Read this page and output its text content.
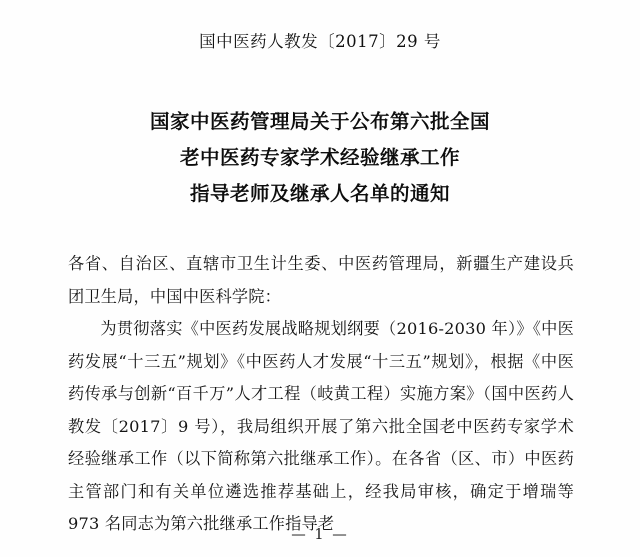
国中医药人教发〔2017〕29 号
国家中医药管理局关于公布第六批全国
老中医药专家学术经验继承工作
指导老师及继承人名单的通知

各省、自治区、直辖市卫生计生委、中医药管理局，新疆生产建设兵团卫生局，中国中医科学院：

为贯彻落实《中医药发展战略规划纲要（2016-2030 年）》《中医药发展“十三五”规划》《中医药人才发展“十三五”规划》，根据《中医药传承与创新“百千万”人才工程（岐黄工程）实施方案》（国中医药人教发〔2017〕9 号），我局组织开展了第六批全国老中医药专家学术经验继承工作（以下简称第六批继承工作）。在各省（区、市）中医药主管部门和有关单位遴选推荐基础上，经我局审核，确定于增瑞等 973 名同志为第六批继承工作指导老

— 1 —
